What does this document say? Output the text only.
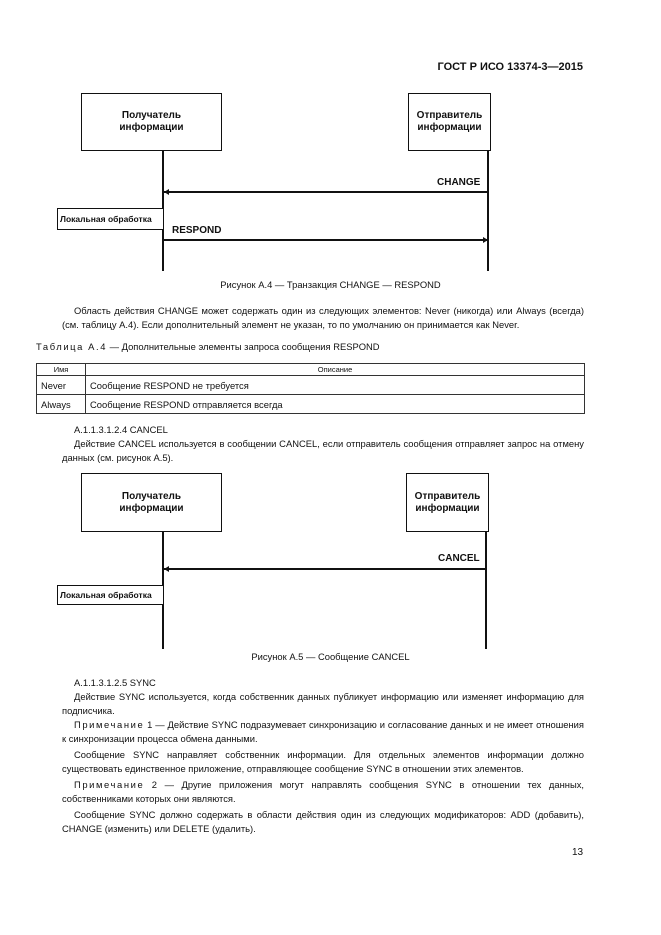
ГОСТ Р ИСО 13374-3—2015
Получатель
информации
Отправитель
информации
CHANGE
Локальная обработка
RESPOND
Рисунок А.4 — Транзакция CHANGE — RESPOND
Область действия CHANGE может содержать один из следующих элементов: Never (никогда) или Always (всегда) (см. таблицу А.4). Если дополнительный элемент не указан, то по умолчанию он принимается как Never.
Таблица А.4 — Дополнительные элементы запроса сообщения RESPOND
Имя	Описание
Never	Сообщение RESPOND не требуется
Always	Сообщение RESPOND отправляется всегда
А.1.1.3.1.2.4 CANCEL
Действие CANCEL используется в сообщении CANCEL, если отправитель сообщения отправляет запрос на отмену данных (см. рисунок А.5).
Получатель
информации
Отправитель
информации
CANCEL
Локальная обработка
Рисунок А.5 — Сообщение CANCEL
А.1.1.3.1.2.5 SYNC
Действие SYNC используется, когда собственник данных публикует информацию или изменяет информацию для подписчика.
Примечание 1 — Действие SYNC подразумевает синхронизацию и согласование данных и не имеет отношения к синхронизации процесса обмена данными.
Сообщение SYNC направляет собственник информации. Для отдельных элементов информации должно существовать единственное приложение, отправляющее сообщение SYNC в отношении этих элементов.
Примечание 2 — Другие приложения могут направлять сообщения SYNC в отношении тех данных, собственниками которых они являются.
Сообщение SYNC должно содержать в области действия один из следующих модификаторов: ADD (добавить), CHANGE (изменить) или DELETE (удалить).
13
